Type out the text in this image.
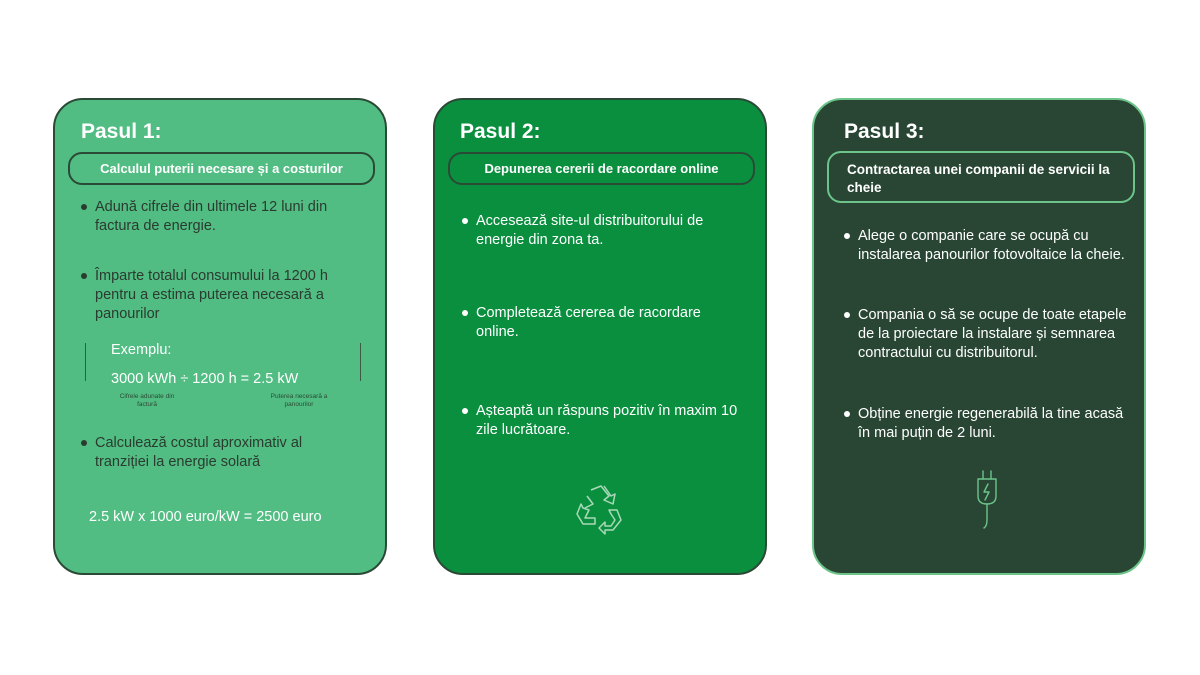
Pasul 1:
Calculul puterii necesare și a costurilor
Adună cifrele din ultimele 12 luni din factura de energie.
Împarte totalul consumului la 1200 h pentru a estima puterea necesară a panourilor
Exemplu:
3000 kWh ÷ 1200 h = 2.5 kW
Cifrele adunate din factură
Puterea necesară a panourilor
Calculează costul aproximativ al tranziției la energie solară
2.5 kW x 1000 euro/kW = 2500 euro
Pasul 2:
Depunerea cererii de racordare online
Accesează site-ul distribuitorului de energie din zona ta.
Completează cererea de racordare online.
Așteaptă un răspuns pozitiv în maxim 10 zile lucrătoare.
Pasul 3:
Contractarea unei companii de servicii la cheie
Alege o companie care se ocupă cu instalarea panourilor fotovoltaice la cheie.
Compania o să se ocupe de toate etapele de la proiectare la instalare și semnarea contractului cu distribuitorul.
Obține energie regenerabilă la tine acasă în mai puțin de 2 luni.
